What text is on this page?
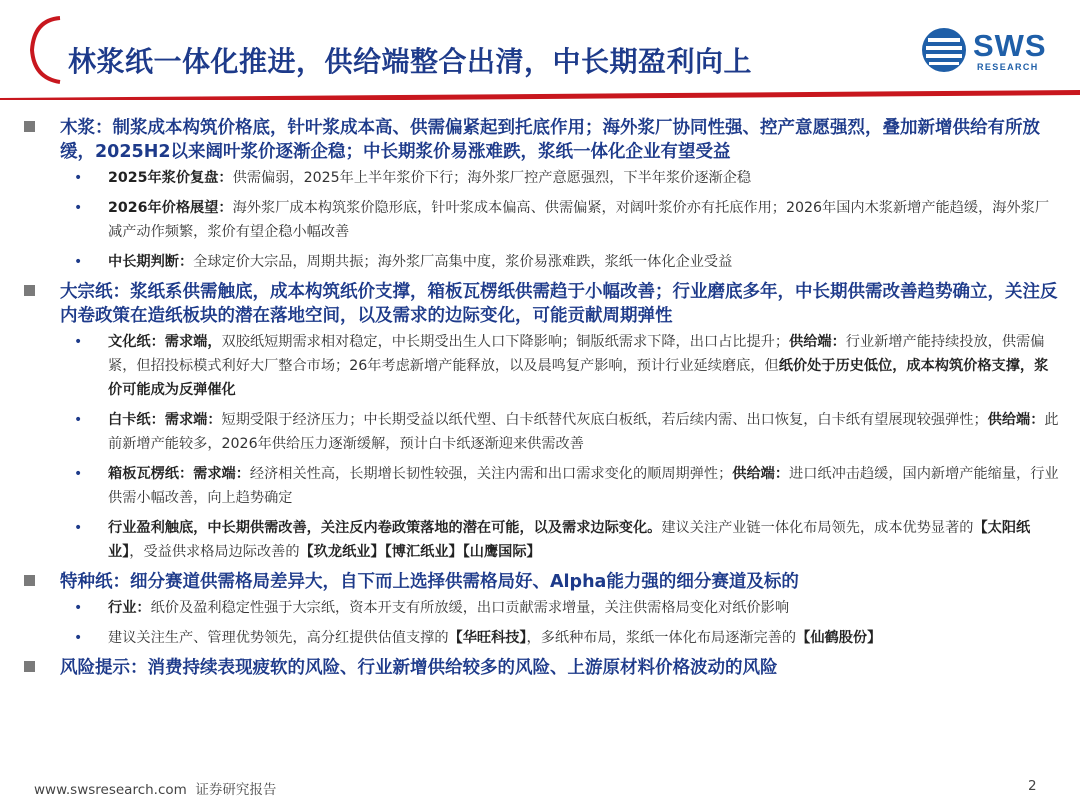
林浆纸一体化推进，供给端整合出清，中长期盈利向上	SWS
RESEARCH
木浆：制浆成本构筑价格底，针叶浆成本高、供需偏紧起到托底作用；海外浆厂协同性强、控产意愿强烈，叠加新增供给有所放缓，2025H2以来阔叶浆价逐渐企稳；中长期浆价易涨难跌，浆纸一体化企业有望受益
• 2025年浆价复盘：供需偏弱，2025年上半年浆价下行；海外浆厂控产意愿强烈，下半年浆价逐渐企稳
• 2026年价格展望：海外浆厂成本构筑浆价隐形底，针叶浆成本偏高、供需偏紧，对阔叶浆价亦有托底作用；2026年国内木浆新增产能趋缓，海外浆厂减产动作频繁，浆价有望企稳小幅改善
• 中长期判断：全球定价大宗品，周期共振；海外浆厂高集中度，浆价易涨难跌，浆纸一体化企业受益
大宗纸：浆纸系供需触底，成本构筑纸价支撑，箱板瓦楞纸供需趋于小幅改善；行业磨底多年，中长期供需改善趋势确立，关注反内卷政策在造纸板块的潜在落地空间，以及需求的边际变化，可能贡献周期弹性
• 文化纸：需求端，双胶纸短期需求相对稳定，中长期受出生人口下降影响；铜版纸需求下降，出口占比提升；供给端：行业新增产能持续投放，供需偏紧，但招投标模式利好大厂整合市场；26年考虑新增产能释放，以及晨鸣复产影响，预计行业延续磨底，但纸价处于历史低位，成本构筑价格支撑，浆价可能成为反弹催化
• 白卡纸：需求端：短期受限于经济压力；中长期受益以纸代塑、白卡纸替代灰底白板纸，若后续内需、出口恢复，白卡纸有望展现较强弹性；供给端：此前新增产能较多，2026年供给压力逐渐缓解，预计白卡纸逐渐迎来供需改善
• 箱板瓦楞纸：需求端：经济相关性高，长期增长韧性较强，关注内需和出口需求变化的顺周期弹性；供给端：进口纸冲击趋缓，国内新增产能缩量，行业供需小幅改善，向上趋势确定
• 行业盈利触底，中长期供需改善，关注反内卷政策落地的潜在可能，以及需求边际变化。建议关注产业链一体化布局领先，成本优势显著的【太阳纸业】，受益供求格局边际改善的【玖龙纸业】【博汇纸业】【山鹰国际】
特种纸：细分赛道供需格局差异大，自下而上选择供需格局好、Alpha能力强的细分赛道及标的
• 行业：纸价及盈利稳定性强于大宗纸，资本开支有所放缓，出口贡献需求增量，关注供需格局变化对纸价影响
• 建议关注生产、管理优势领先，高分红提供估值支撑的【华旺科技】，多纸种布局，浆纸一体化布局逐渐完善的【仙鹤股份】
风险提示：消费持续表现疲软的风险、行业新增供给较多的风险、上游原材料价格波动的风险
www.swsresearch.com 证券研究报告	2
